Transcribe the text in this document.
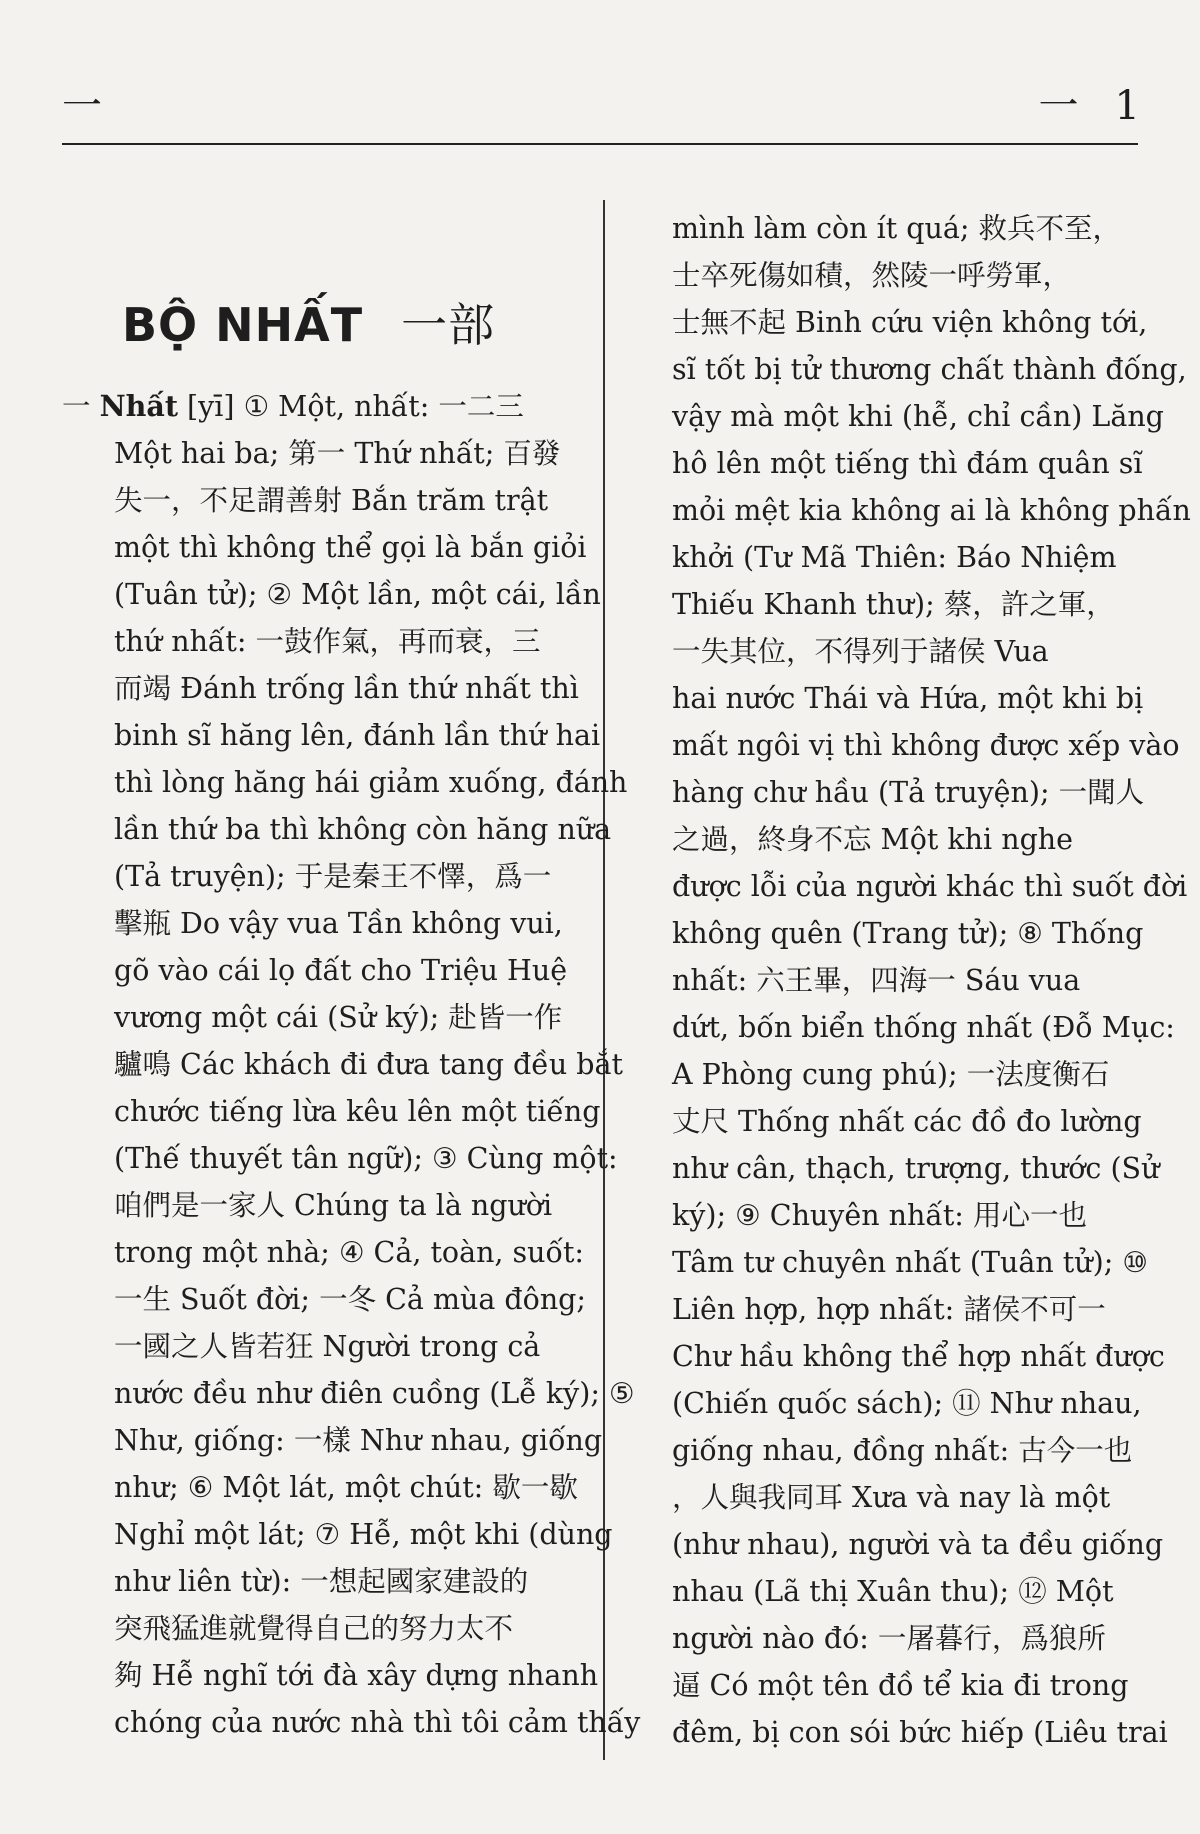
一	一 1
BỘ NHẤT 一部
一 Nhất [yī] ① Một, nhất: 一二三
Một hai ba; 第一 Thứ nhất; 百發
失一，不足謂善射 Bắn trăm trật
một thì không thể gọi là bắn giỏi
(Tuân tử); ② Một lần, một cái, lần
thứ nhất: 一鼓作氣，再而衰，三
而竭 Đánh trống lần thứ nhất thì
binh sĩ hăng lên, đánh lần thứ hai
thì lòng hăng hái giảm xuống, đánh
lần thứ ba thì không còn hăng nữa
(Tả truyện); 于是秦王不懌，爲一
擊瓶 Do vậy vua Tần không vui,
gõ vào cái lọ đất cho Triệu Huệ
vương một cái (Sử ký); 赴皆一作
驢鳴 Các khách đi đưa tang đều bắt
chước tiếng lừa kêu lên một tiếng
(Thế thuyết tân ngữ); ③ Cùng một:
咱們是一家人 Chúng ta là người
trong một nhà; ④ Cả, toàn, suốt:
一生 Suốt đời; 一冬 Cả mùa đông;
一國之人皆若狂 Người trong cả
nước đều như điên cuồng (Lễ ký); ⑤
Như, giống: 一樣 Như nhau, giống
như; ⑥ Một lát, một chút: 歇一歇
Nghỉ một lát; ⑦ Hễ, một khi (dùng
như liên từ): 一想起國家建設的
突飛猛進就覺得自己的努力太不
夠 Hễ nghĩ tới đà xây dựng nhanh
chóng của nước nhà thì tôi cảm thấy
mình làm còn ít quá; 救兵不至，
士卒死傷如積，然陵一呼勞軍，
士無不起 Binh cứu viện không tới,
sĩ tốt bị tử thương chất thành đống,
vậy mà một khi (hễ, chỉ cần) Lăng
hô lên một tiếng thì đám quân sĩ
mỏi mệt kia không ai là không phấn
khởi (Tư Mã Thiên: Báo Nhiệm
Thiếu Khanh thư); 蔡，許之軍，
一失其位，不得列于諸侯 Vua
hai nước Thái và Hứa, một khi bị
mất ngôi vị thì không được xếp vào
hàng chư hầu (Tả truyện); 一聞人
之過，終身不忘 Một khi nghe
được lỗi của người khác thì suốt đời
không quên (Trang tử); ⑧ Thống
nhất: 六王畢，四海一 Sáu vua
dứt, bốn biển thống nhất (Đỗ Mục:
A Phòng cung phú); 一法度衡石
丈尺 Thống nhất các đồ đo lường
như cân, thạch, trượng, thước (Sử
ký); ⑨ Chuyên nhất: 用心一也
Tâm tư chuyên nhất (Tuân tử); ⑩
Liên hợp, hợp nhất: 諸侯不可一
Chư hầu không thể hợp nhất được
(Chiến quốc sách); ⑪ Như nhau,
giống nhau, đồng nhất: 古今一也
，人與我同耳 Xưa và nay là một
(như nhau), người và ta đều giống
nhau (Lã thị Xuân thu); ⑫ Một
người nào đó: 一屠暮行，爲狼所
逼 Có một tên đồ tể kia đi trong
đêm, bị con sói bức hiếp (Liêu trai
